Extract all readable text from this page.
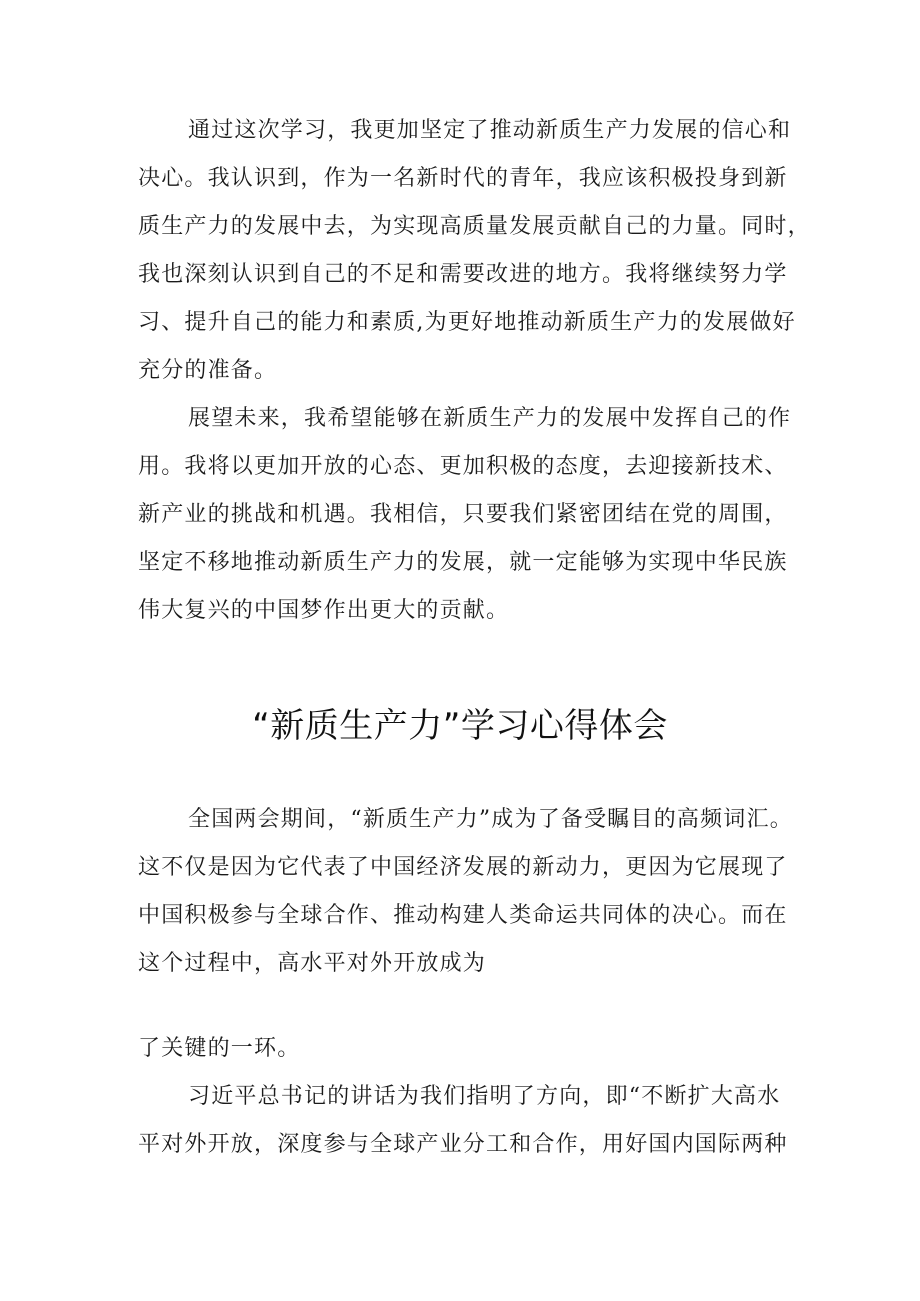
通过这次学习，我更加坚定了推动新质生产力发展的信心和
决心。我认识到，作为一名新时代的青年，我应该积极投身到新
质生产力的发展中去，为实现高质量发展贡献自己的力量。同时，
我也深刻认识到自己的不足和需要改进的地方。我将继续努力学
习、提升自己的能力和素质,为更好地推动新质生产力的发展做好
充分的准备。
展望未来，我希望能够在新质生产力的发展中发挥自己的作
用。我将以更加开放的心态、更加积极的态度，去迎接新技术、
新产业的挑战和机遇。我相信，只要我们紧密团结在党的周围，
坚定不移地推动新质生产力的发展，就一定能够为实现中华民族
伟大复兴的中国梦作出更大的贡献。
“新质生产力”学习心得体会
全国两会期间，“新质生产力”成为了备受瞩目的高频词汇。
这不仅是因为它代表了中国经济发展的新动力，更因为它展现了
中国积极参与全球合作、推动构建人类命运共同体的决心。而在
这个过程中，高水平对外开放成为
了关键的一环。
习近平总书记的讲话为我们指明了方向，即“不断扩大高水
平对外开放，深度参与全球产业分工和合作，用好国内国际两种
